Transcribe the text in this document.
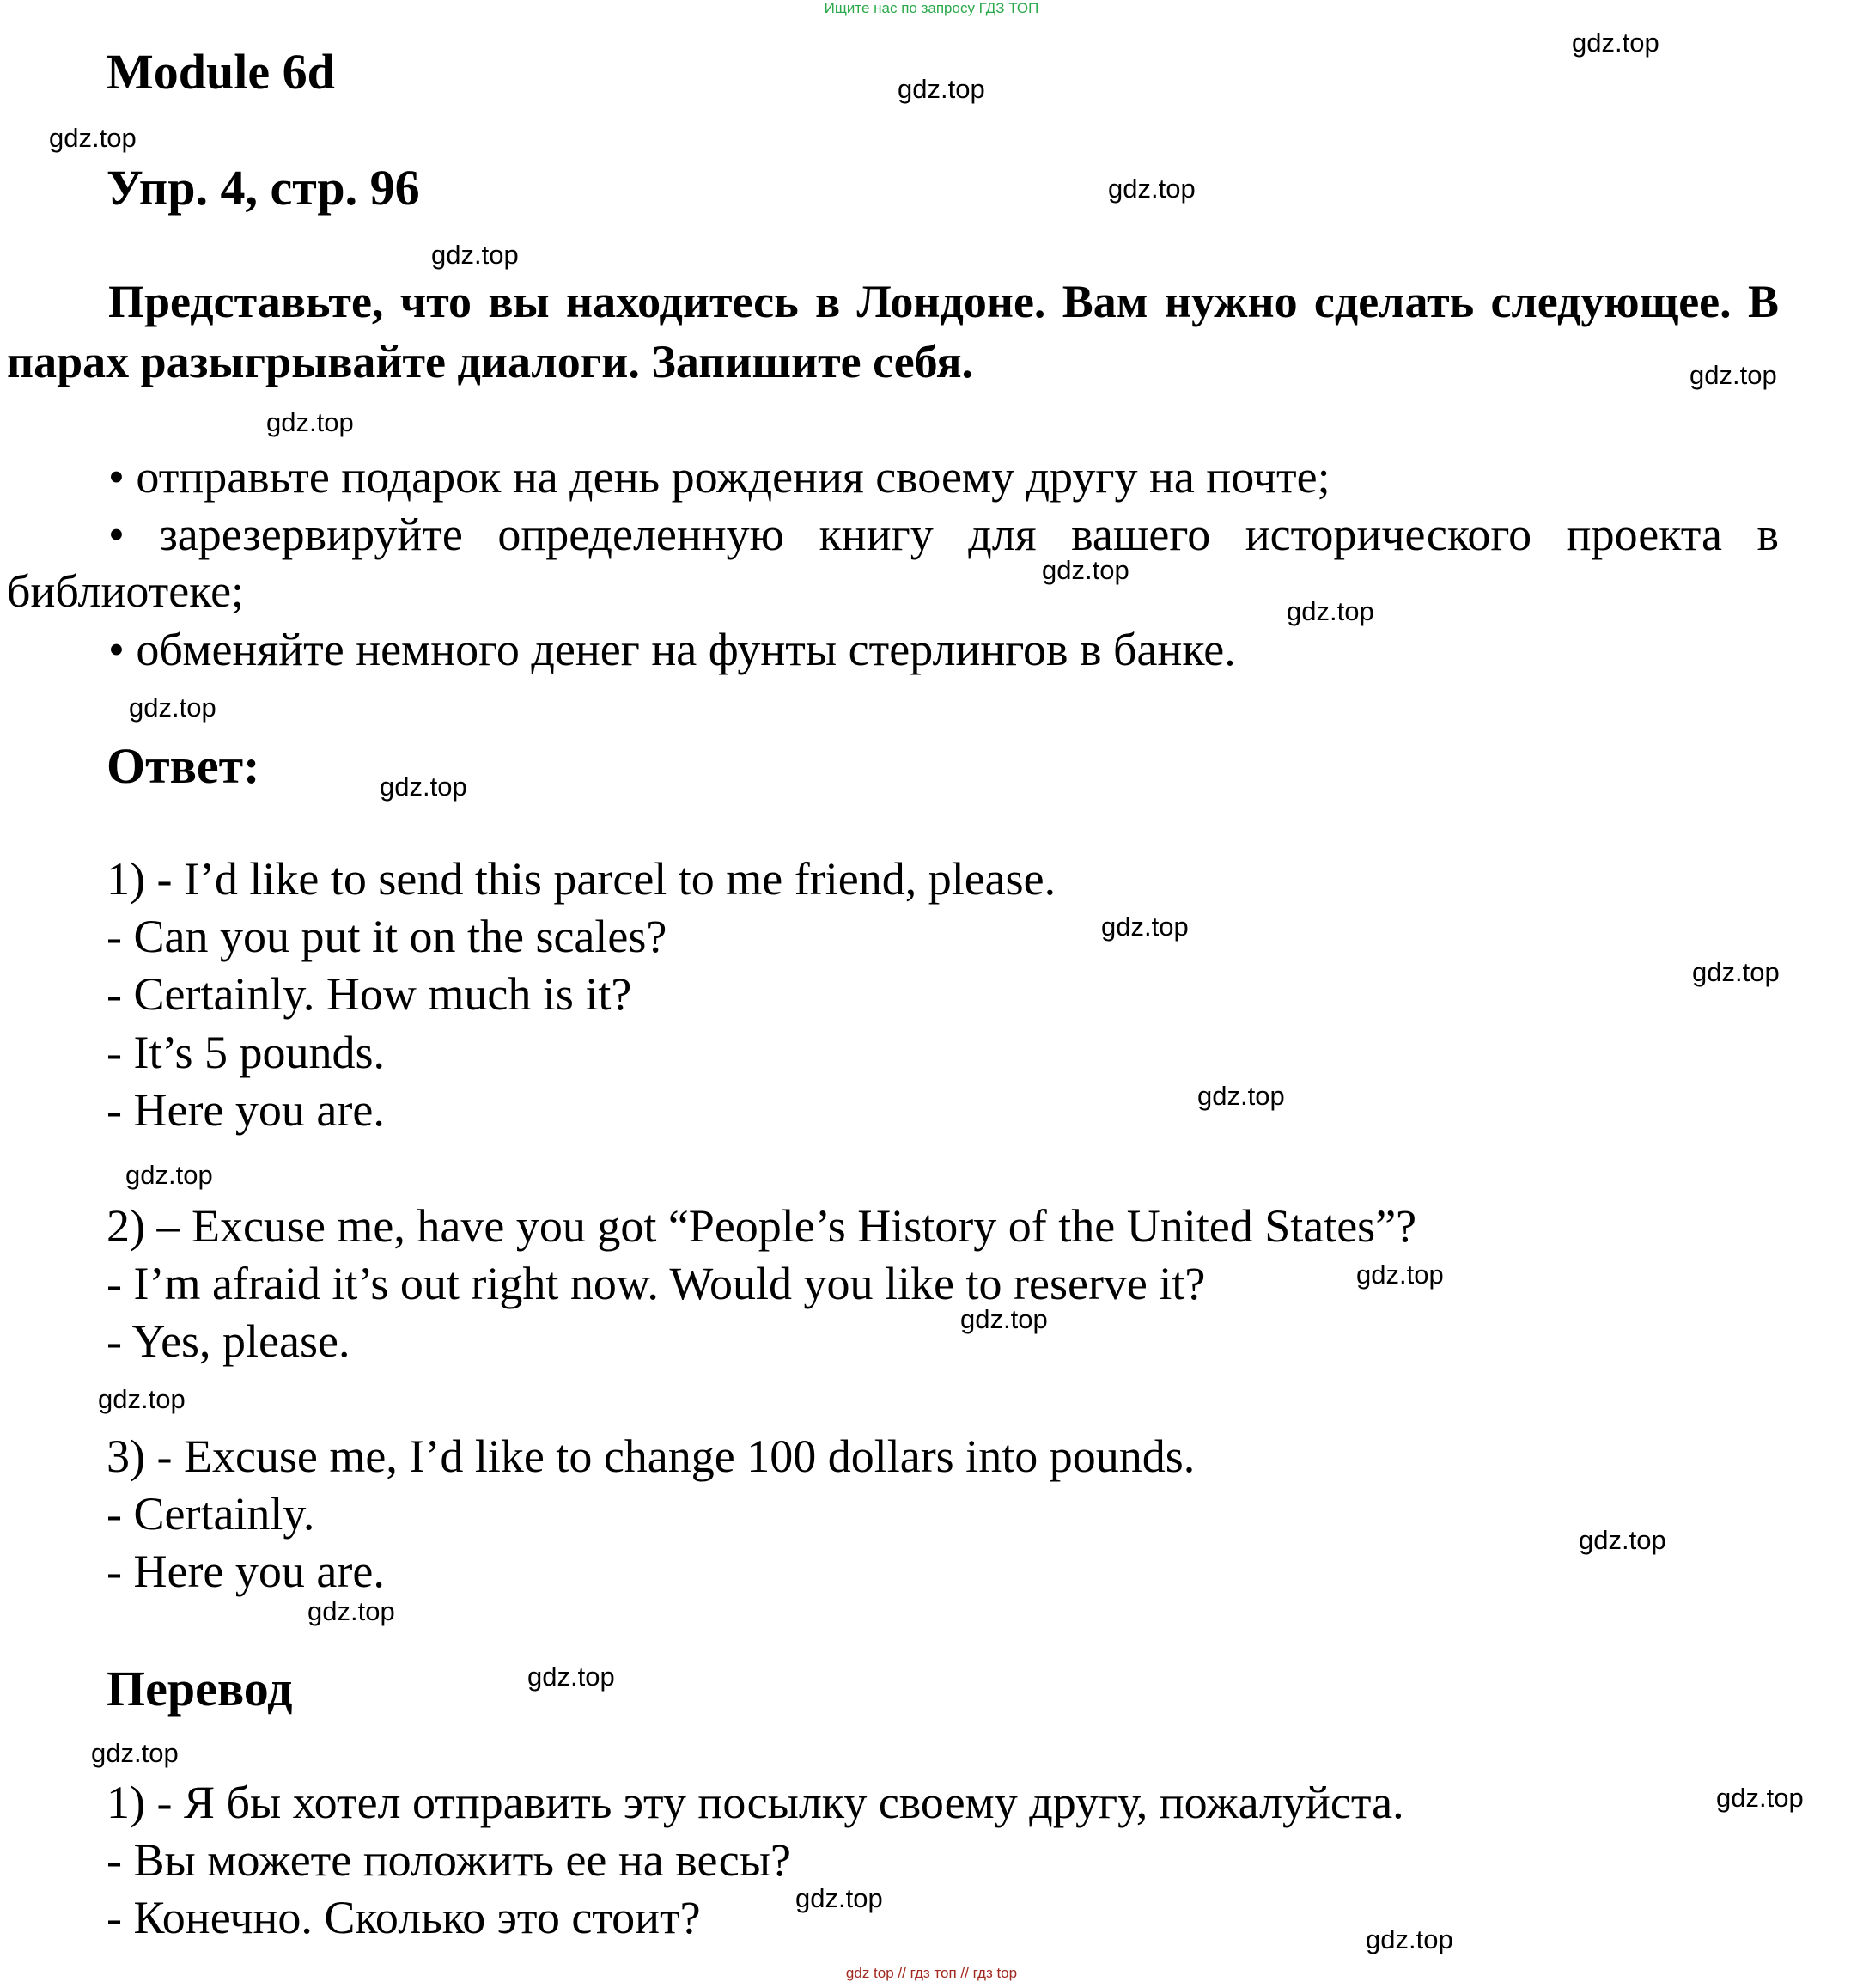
Ищите нас по запросу ГДЗ ТОП
Module 6d
Упр. 4, стр. 96

Представьте, что вы находитесь в Лондоне. Вам нужно сделать следующее. В парах разыгрывайте диалоги. Запишите себя.

• отправьте подарок на день рождения своему другу на почте;

• зарезервируйте определенную книгу для вашего исторического проекта в библиотеке;

• обменяйте немного денег на фунты стерлингов в банке.

Ответ:
1) - I’d like to send this parcel to me friend, please.
- Can you put it on the scales?
- Certainly. How much is it?
- It’s 5 pounds.
- Here you are.
2) – Excuse me, have you got “People’s History of the United States”?
- I’m afraid it’s out right now. Would you like to reserve it?
- Yes, please.
3) - Excuse me, I’d like to change 100 dollars into pounds.
- Certainly.
- Here you are.
Перевод
1) - Я бы хотел отправить эту посылку своему другу, пожалуйста.
- Вы можете положить ее на весы?
- Конечно. Сколько это стоит?
gdz.top
gdz.top
gdz.top
gdz.top
gdz.top
gdz.top
gdz.top
gdz.top
gdz.top
gdz.top
gdz.top
gdz.top
gdz.top
gdz.top
gdz.top
gdz.top
gdz.top
gdz.top
gdz.top
gdz.top
gdz.top
gdz.top
gdz.top
gdz.top
gdz.top
gdz top // гдз топ // гдз top
